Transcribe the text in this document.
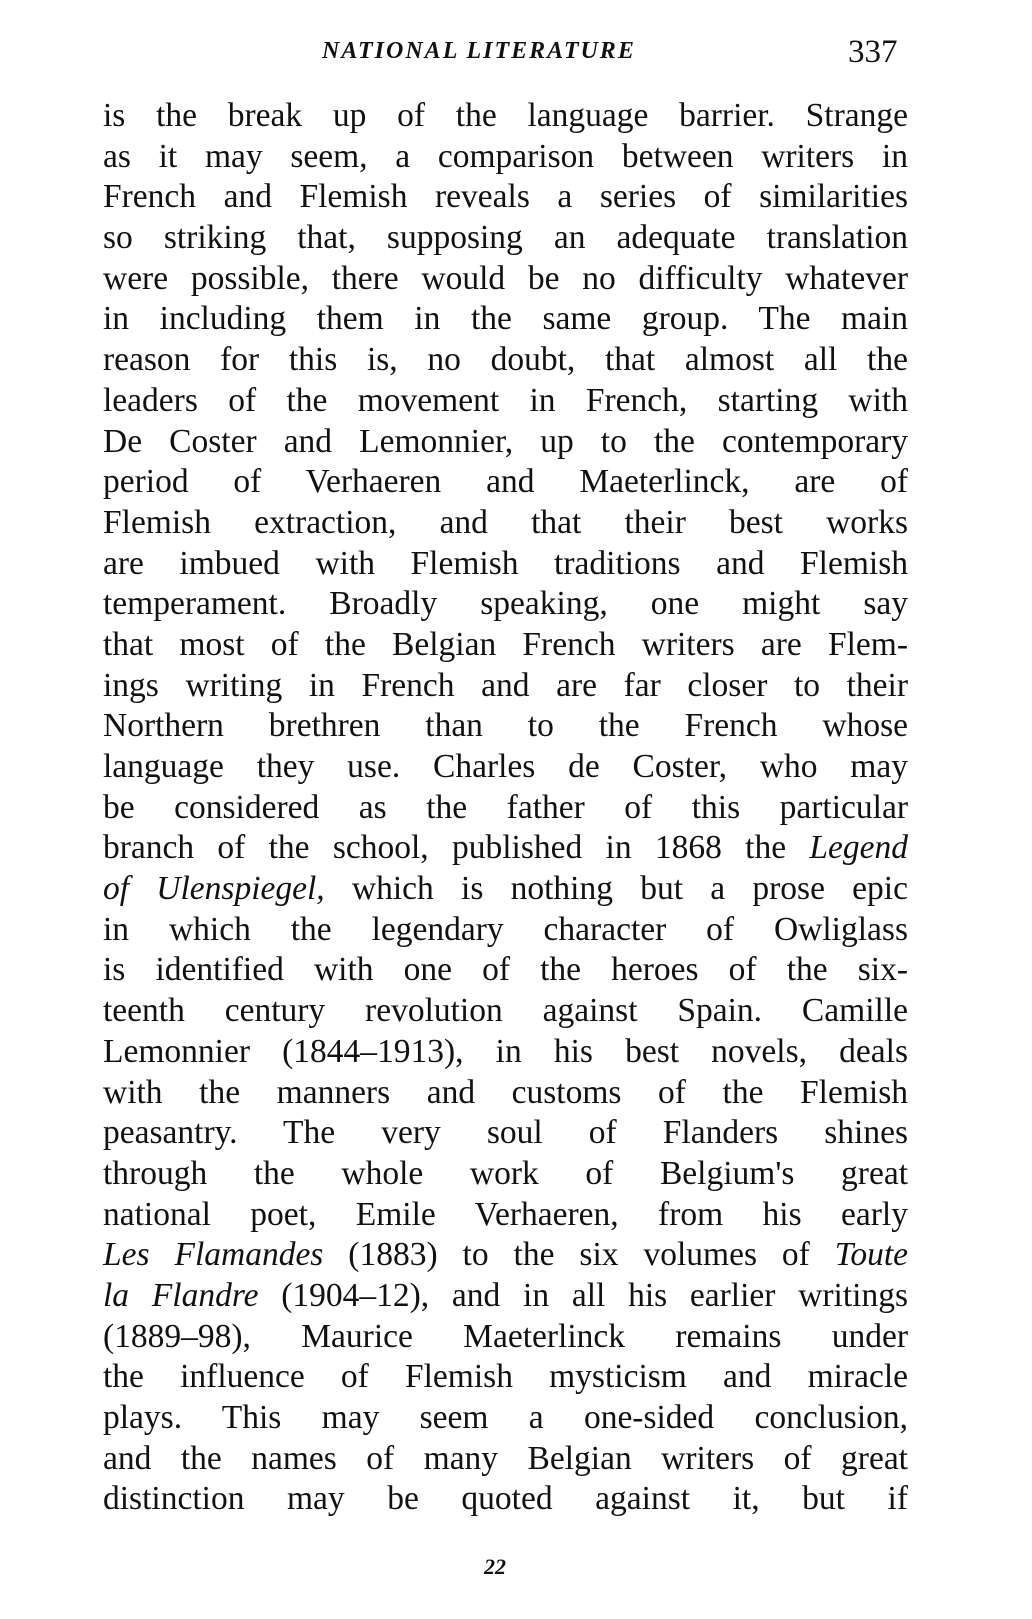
NATIONAL LITERATURE	337
is the break up of the language barrier. Strange
as it may seem, a comparison between writers in
French and Flemish reveals a series of similarities
so striking that, supposing an adequate translation
were possible, there would be no difficulty whatever
in including them in the same group. The main
reason for this is, no doubt, that almost all the
leaders of the movement in French, starting with
De Coster and Lemonnier, up to the contemporary
period of Verhaeren and Maeterlinck, are of
Flemish extraction, and that their best works
are imbued with Flemish traditions and Flemish
temperament. Broadly speaking, one might say
that most of the Belgian French writers are Flem-
ings writing in French and are far closer to their
Northern brethren than to the French whose
language they use. Charles de Coster, who may
be considered as the father of this particular
branch of the school, published in 1868 the Legend
of Ulenspiegel, which is nothing but a prose epic
in which the legendary character of Owliglass
is identified with one of the heroes of the six-
teenth century revolution against Spain. Camille
Lemonnier (1844–1913), in his best novels, deals
with the manners and customs of the Flemish
peasantry. The very soul of Flanders shines
through the whole work of Belgium's great
national poet, Emile Verhaeren, from his early
Les Flamandes (1883) to the six volumes of Toute
la Flandre (1904–12), and in all his earlier writings
(1889–98), Maurice Maeterlinck remains under
the influence of Flemish mysticism and miracle
plays. This may seem a one-sided conclusion,
and the names of many Belgian writers of great
distinction may be quoted against it, but if
22
